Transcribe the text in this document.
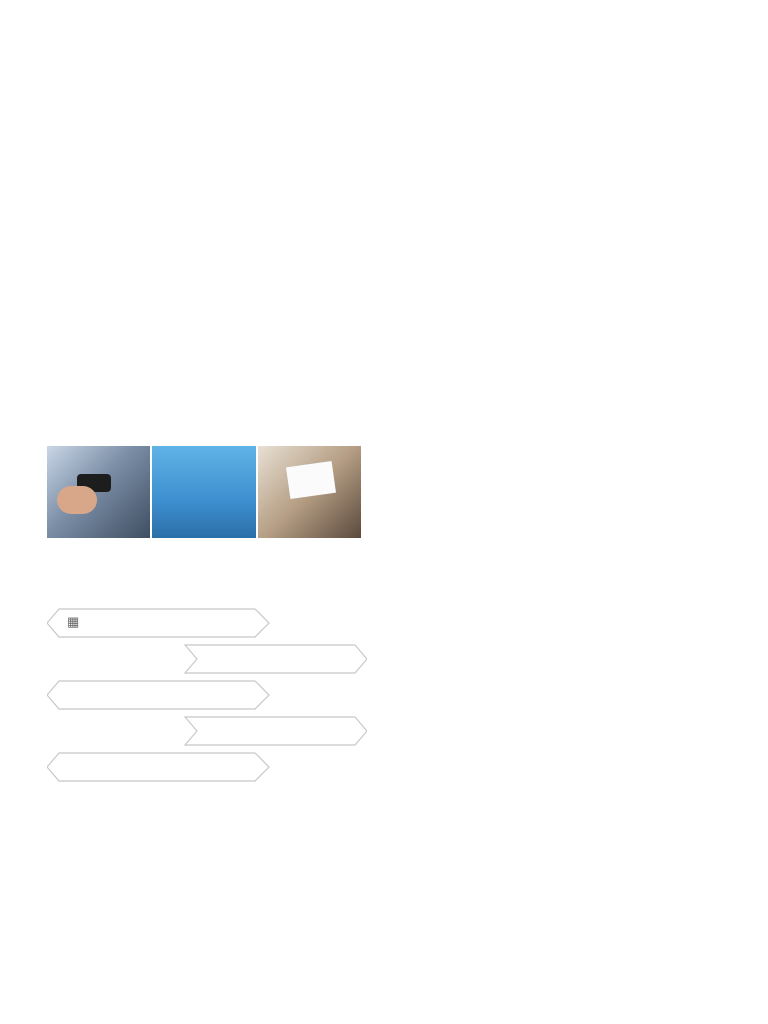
▦
